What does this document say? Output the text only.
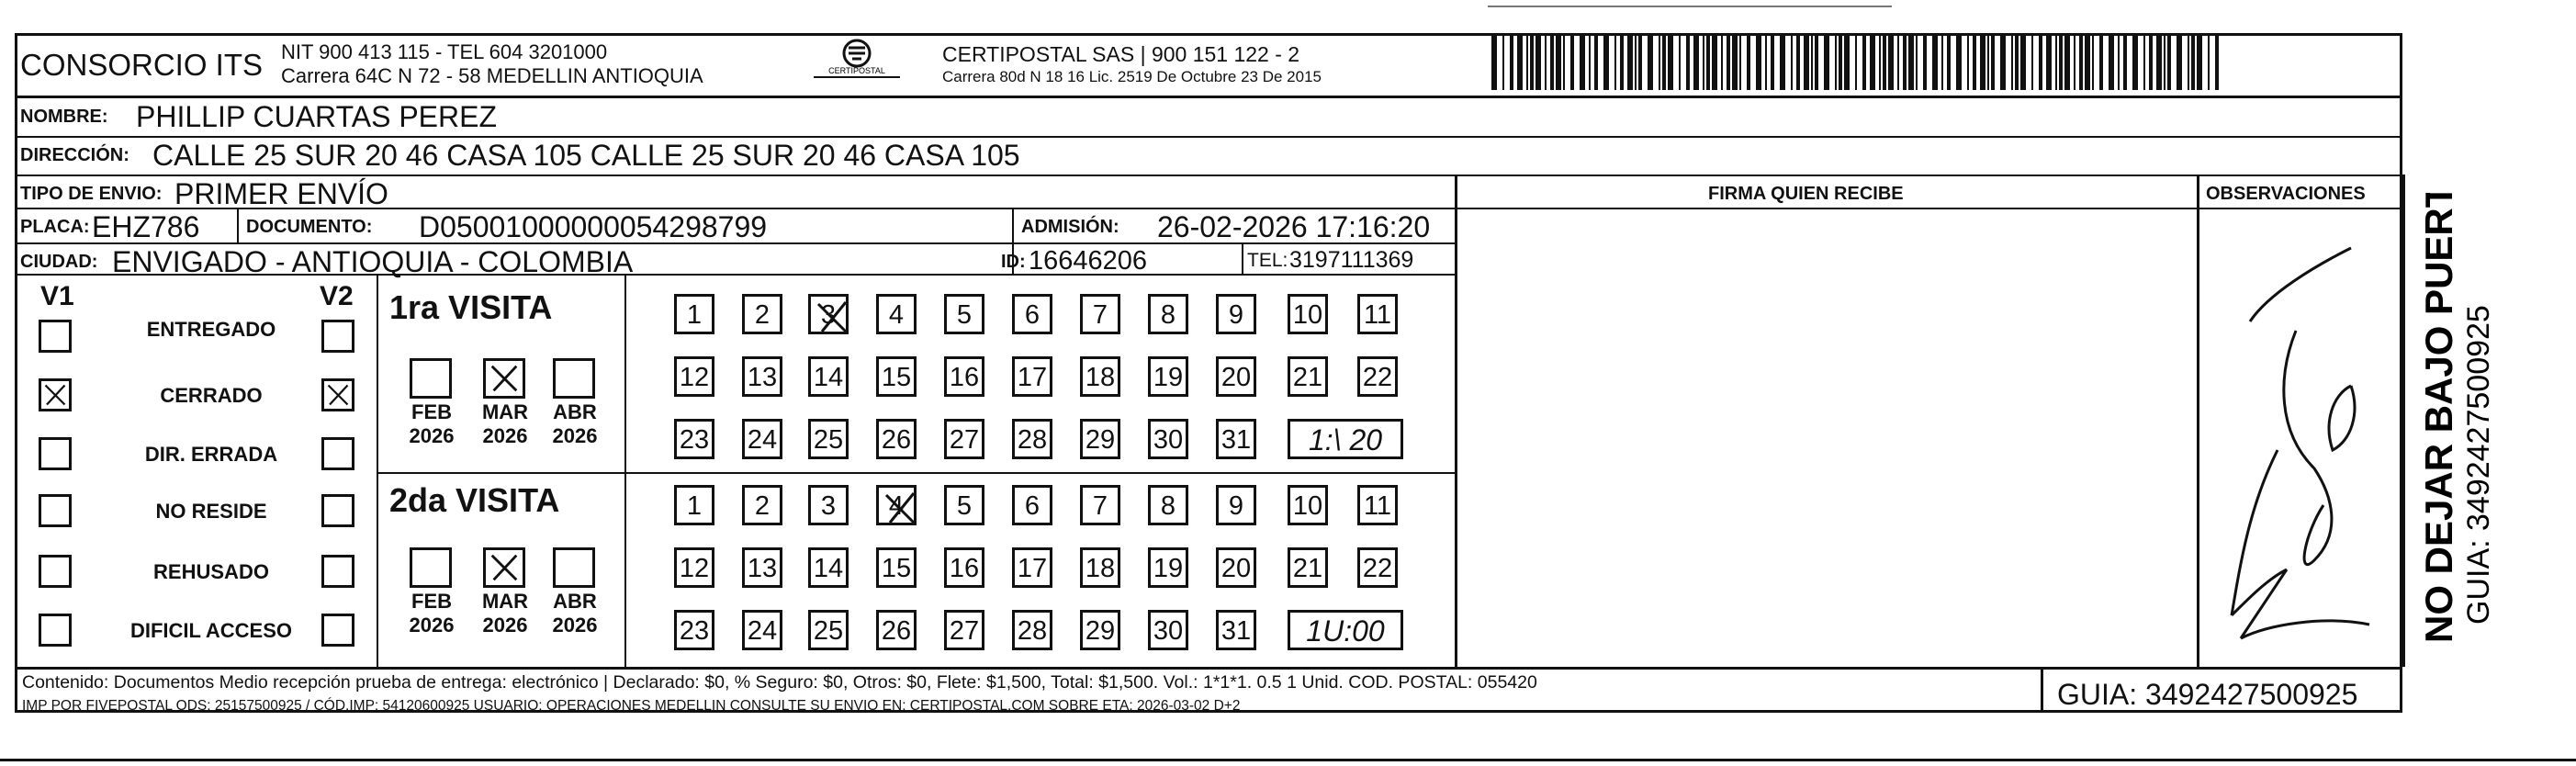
CONSORCIO ITS NIT 900 413 115 - TEL 604 3201000
Carrera 64C N 72 - 58 MEDELLIN ANTIOQUIA	CERTIPOSTAL
CERTIPOSTAL SAS | 900 151 122 - 2
Carrera 80d N 18 16 Lic. 2519 De Octubre 23 De 2015
NOMBRE: PHILLIP CUARTAS PEREZ
DIRECCIÓN: CALLE 25 SUR 20 46 CASA 105 CALLE 25 SUR 20 46 CASA 105
TIPO DE ENVIO: PRIMER ENVÍO	FIRMA QUIEN RECIBE	OBSERVACIONES
PLACA: EHZ786	DOCUMENTO: D05001000000054298799	ADMISIÓN: 26-02-2026 17:16:20
CIUDAD: ENVIGADO - ANTIOQUIA - COLOMBIA	ID: 16646206	TEL: 3197111369	NO DEJAR BAJO PUERTA GUIA: 3492427500925
V1	V2
ENTREGADO
CERRADO
DIR. ERRADA
NO RESIDE
REHUSADO
DIFICIL ACCESO
1ra VISITA
2da VISITA
FEB
2026
MAR
2026
ABR
2026
FEB
2026
MAR
2026
ABR
2026
1	2	3	4	5	6	7	8	9	10 11
12 13 14 15 16 17 18 19 20 21 22
23 24 25 26 27 28 29 30 31	1:\ 20
1	2	3	4	5	6	7	8	9	10 11
12 13 14 15 16 17 18 19 20 21 22
23 24 25 26 27 28 29 30 31	1U:00
Contenido: Documentos Medio recepción prueba de entrega: electrónico | Declarado: $0, % Seguro: $0, Otros: $0, Flete: $1,500, Total: $1,500. Vol.: 1*1*1. 0.5 1 Unid. COD. POSTAL: 055420
IMP POR FIVEPOSTAL ODS: 25157500925 / CÓD.IMP: 54120600925 USUARIO: OPERACIONES MEDELLIN CONSULTE SU ENVIO EN: CERTIPOSTAL.COM SOBRE ETA: 2026-03-02 D+2	GUIA: 3492427500925
